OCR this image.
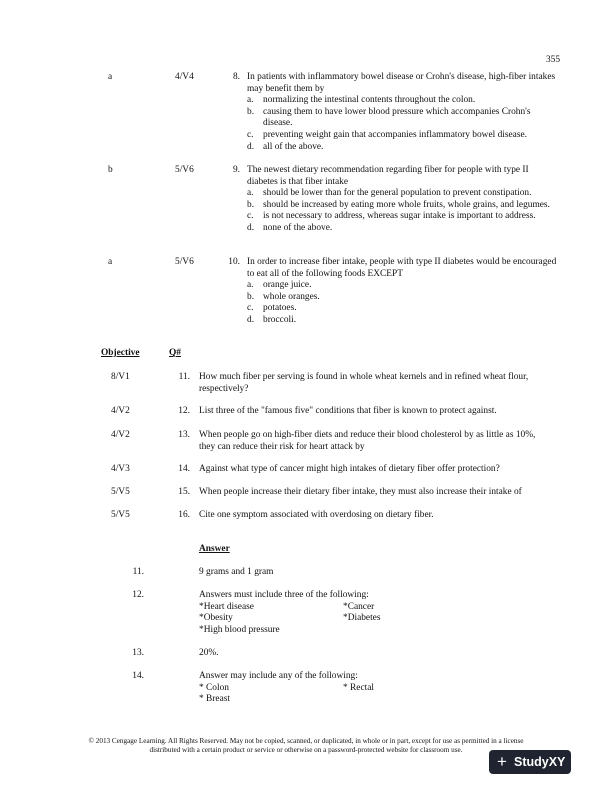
355
a	4/V4	8. In patients with inflammatory bowel disease or Crohn's disease, high-fiber intakes may benefit them by
a. normalizing the intestinal contents throughout the colon.
b. causing them to have lower blood pressure which accompanies Crohn's disease.
c. preventing weight gain that accompanies inflammatory bowel disease.
d. all of the above.
b	5/V6	9. The newest dietary recommendation regarding fiber for people with type II diabetes is that fiber intake
a. should be lower than for the general population to prevent constipation.
b. should be increased by eating more whole fruits, whole grains, and legumes.
c. is not necessary to address, whereas sugar intake is important to address.
d. none of the above.
a	5/V6	10. In order to increase fiber intake, people with type II diabetes would be encouraged to eat all of the following foods EXCEPT
a. orange juice.
b. whole oranges.
c. potatoes.
d. broccoli.
Objective	Q#
8/V1	11. How much fiber per serving is found in whole wheat kernels and in refined wheat flour, respectively?
4/V2	12. List three of the "famous five" conditions that fiber is known to protect against.
4/V2	13. When people go on high-fiber diets and reduce their blood cholesterol by as little as 10%, they can reduce their risk for heart attack by
4/V3	14. Against what type of cancer might high intakes of dietary fiber offer protection?
5/V5	15. When people increase their dietary fiber intake, they must also increase their intake of
5/V5	16. Cite one symptom associated with overdosing on dietary fiber.
Answer
11.	9 grams and 1 gram
12.	Answers must include three of the following:
*Heart disease	*Cancer
*Obesity	*Diabetes
*High blood pressure
13.	20%.
14.	Answer may include any of the following:
* Colon	* Rectal
* Breast
© 2013 Cengage Learning. All Rights Reserved. May not be copied, scanned, or duplicated, in whole or in part, except for use as permitted in a license distributed with a certain product or service or otherwise on a password-protected website for classroom use.
+ StudyXY
